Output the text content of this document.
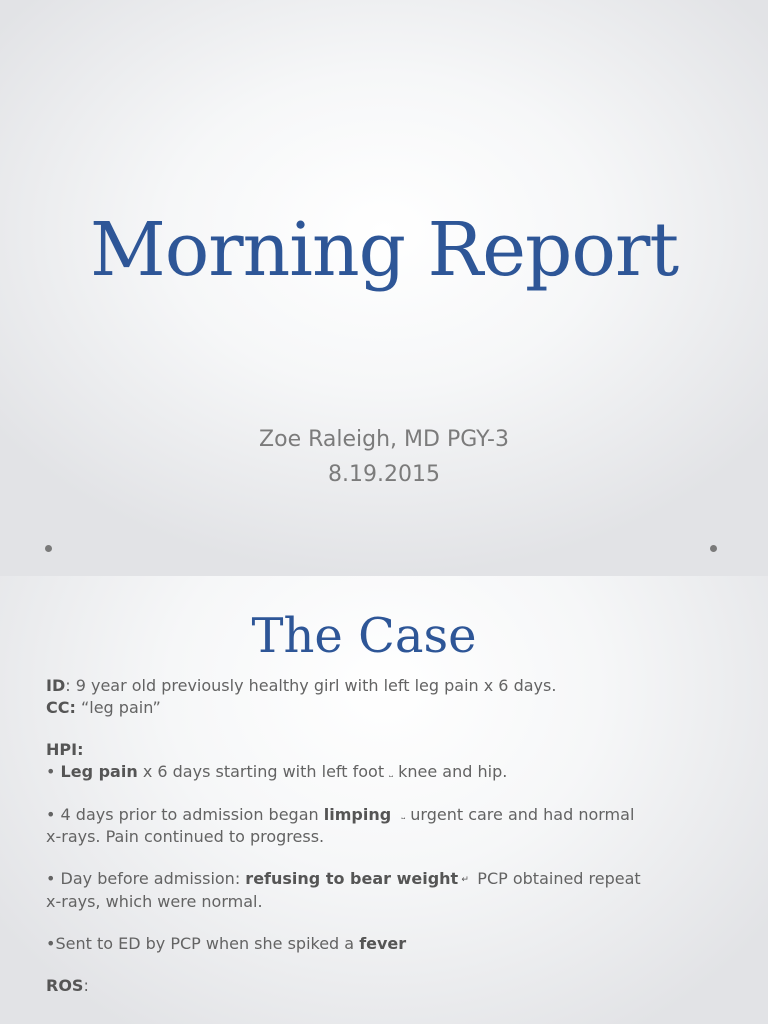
Morning Report
Zoe Raleigh, MD PGY-3
8.19.2015
The Case

ID: 9 year old previously healthy girl with left leg pain x 6 days.

CC: “leg pain”

HPI:

• Leg pain x 6 days starting with left foot ⎵ knee and hip.

• 4 days prior to admission began limping ⎵ urgent care and had normal

x-rays. Pain continued to progress.

• Day before admission: refusing to bear weight ↵ PCP obtained repeat

x-rays, which were normal.

•Sent to ED by PCP when she spiked a fever

ROS:
